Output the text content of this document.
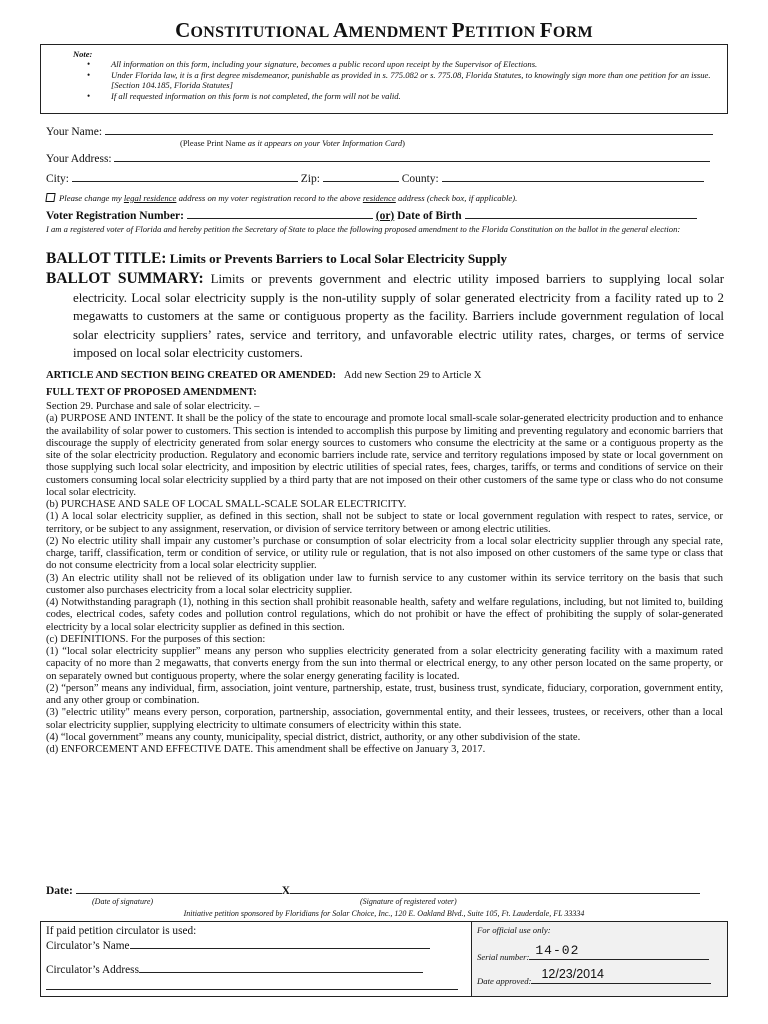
CONSTITUTIONAL AMENDMENT PETITION FORM
Note:
• All information on this form, including your signature, becomes a public record upon receipt by the Supervisor of Elections.
• Under Florida law, it is a first degree misdemeanor, punishable as provided in s. 775.082 or s. 775.08, Florida Statutes, to knowingly sign more than one petition for an issue. [Section 104.185, Florida Statutes]
• If all requested information on this form is not completed, the form will not be valid.
Your Name:
(Please Print Name as it appears on your Voter Information Card)
Your Address:
City:	Zip:	County:
Please change my legal residence address on my voter registration record to the above residence address (check box, if applicable).
Voter Registration Number:	(or) Date of Birth
I am a registered voter of Florida and hereby petition the Secretary of State to place the following proposed amendment to the Florida Constitution on the ballot in the general election:
BALLOT TITLE: Limits or Prevents Barriers to Local Solar Electricity Supply

BALLOT SUMMARY: Limits or prevents government and electric utility imposed barriers to supplying local solar electricity. Local solar electricity supply is the non-utility supply of solar generated electricity from a facility rated up to 2 megawatts to customers at the same or contiguous property as the facility. Barriers include government regulation of local solar electricity suppliers’ rates, service and territory, and unfavorable electric utility rates, charges, or terms of service imposed on local solar electricity customers.

ARTICLE AND SECTION BEING CREATED OR AMENDED: Add new Section 29 to Article X
FULL TEXT OF PROPOSED AMENDMENT:

Section 29. Purchase and sale of solar electricity. –

(a) PURPOSE AND INTENT. It shall be the policy of the state to encourage and promote local small-scale solar-generated electricity production and to enhance the availability of solar power to customers. This section is intended to accomplish this purpose by limiting and preventing regulatory and economic barriers that discourage the supply of electricity generated from solar energy sources to customers who consume the electricity at the same or a contiguous property as the site of the solar electricity production. Regulatory and economic barriers include rate, service and territory regulations imposed by state or local government on those supplying such local solar electricity, and imposition by electric utilities of special rates, fees, charges, tariffs, or terms and conditions of service on their customers consuming local solar electricity supplied by a third party that are not imposed on their other customers of the same type or class who do not consume local solar electricity.

(b) PURCHASE AND SALE OF LOCAL SMALL-SCALE SOLAR ELECTRICITY.

(1) A local solar electricity supplier, as defined in this section, shall not be subject to state or local government regulation with respect to rates, service, or territory, or be subject to any assignment, reservation, or division of service territory between or among electric utilities.

(2) No electric utility shall impair any customer’s purchase or consumption of solar electricity from a local solar electricity supplier through any special rate, charge, tariff, classification, term or condition of service, or utility rule or regulation, that is not also imposed on other customers of the same type or class that do not consume electricity from a local solar electricity supplier.

(3) An electric utility shall not be relieved of its obligation under law to furnish service to any customer within its service territory on the basis that such customer also purchases electricity from a local solar electricity supplier.

(4) Notwithstanding paragraph (1), nothing in this section shall prohibit reasonable health, safety and welfare regulations, including, but not limited to, building codes, electrical codes, safety codes and pollution control regulations, which do not prohibit or have the effect of prohibiting the supply of solar-generated electricity by a local solar electricity supplier as defined in this section.

(c) DEFINITIONS. For the purposes of this section:

(1) “local solar electricity supplier” means any person who supplies electricity generated from a solar electricity generating facility with a maximum rated capacity of no more than 2 megawatts, that converts energy from the sun into thermal or electrical energy, to any other person located on the same property, or on separately owned but contiguous property, where the solar energy generating facility is located.

(2) “person” means any individual, firm, association, joint venture, partnership, estate, trust, business trust, syndicate, fiduciary, corporation, government entity, and any other group or combination.

(3) "electric utility" means every person, corporation, partnership, association, governmental entity, and their lessees, trustees, or receivers, other than a local solar electricity supplier, supplying electricity to ultimate consumers of electricity within this state.

(4) “local government” means any county, municipality, special district, district, authority, or any other subdivision of the state.

(d) ENFORCEMENT AND EFFECTIVE DATE. This amendment shall be effective on January 3, 2017.

Date:	X
(Date of signature)	(Signature of registered voter)
Initiative petition sponsored by Floridians for Solar Choice, Inc., 120 E. Oakland Blvd., Suite 105, Ft. Lauderdale, FL 33334
If paid petition circulator is used:
Circulator’s Name
Circulator’s Address
For official use only:
Serial number: 14-02
Date approved: 12/23/2014
